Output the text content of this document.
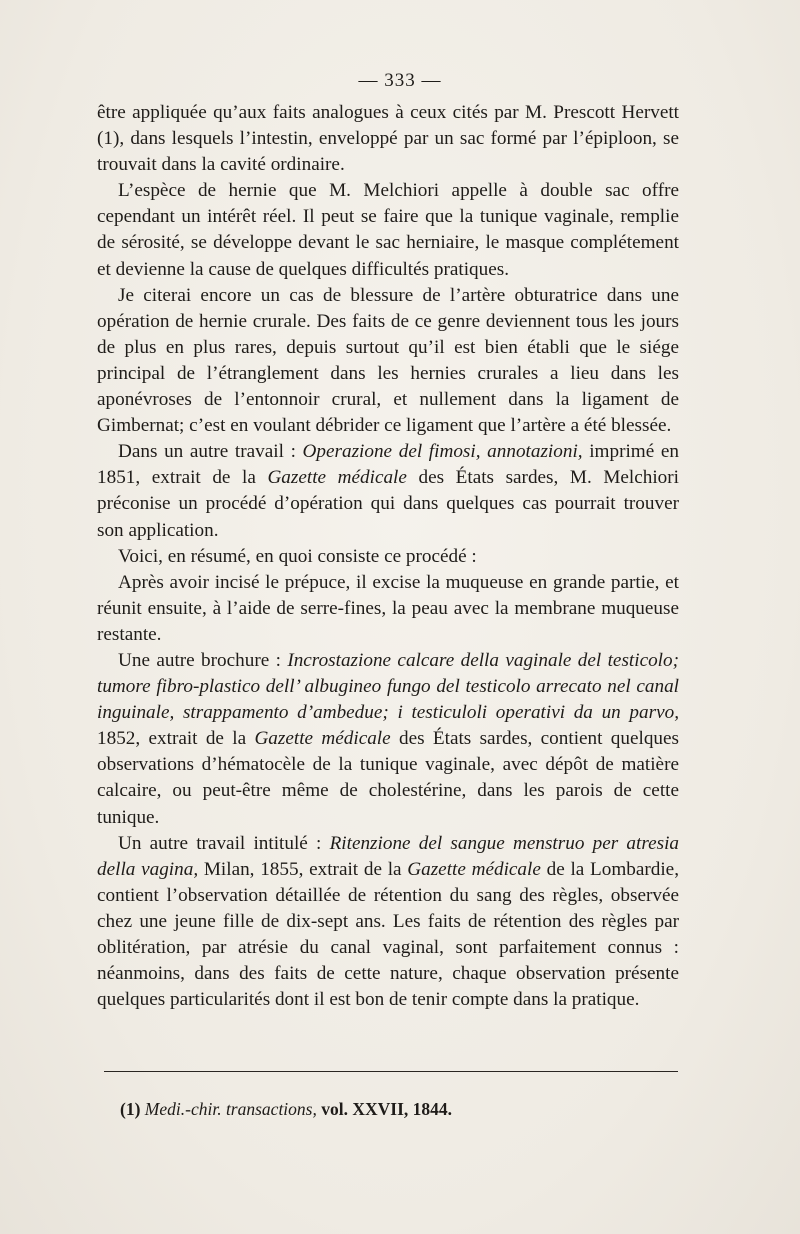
— 333 —

être appliquée qu’aux faits analogues à ceux cités par M. Prescott Hervett (1), dans lesquels l’intestin, enveloppé par un sac formé par l’épiploon, se trouvait dans la cavité ordinaire.

L’espèce de hernie que M. Melchiori appelle à double sac offre cependant un intérêt réel. Il peut se faire que la tunique vaginale, remplie de sérosité, se développe devant le sac herniaire, le masque complétement et devienne la cause de quelques difficultés pratiques.

Je citerai encore un cas de blessure de l’artère obturatrice dans une opération de hernie crurale. Des faits de ce genre deviennent tous les jours de plus en plus rares, depuis surtout qu’il est bien établi que le siége principal de l’étranglement dans les hernies crurales a lieu dans les aponévroses de l’entonnoir crural, et nullement dans la ligament de Gimbernat; c’est en voulant débrider ce ligament que l’artère a été blessée.

Dans un autre travail : Operazione del fimosi, annotazioni, imprimé en 1851, extrait de la Gazette médicale des États sardes, M. Melchiori préconise un procédé d’opération qui dans quelques cas pourrait trouver son application.

Voici, en résumé, en quoi consiste ce procédé :

Après avoir incisé le prépuce, il excise la muqueuse en grande partie, et réunit ensuite, à l’aide de serre-fines, la peau avec la membrane muqueuse restante.

Une autre brochure : Incrostazione calcare della vaginale del testicolo; tumore fibro-plastico dell’ albugineo fungo del testicolo arrecato nel canal inguinale, strappamento d’ambedue; i testiculoli operativi da un parvo, 1852, extrait de la Gazette médicale des États sardes, contient quelques observations d’hématocèle de la tunique vaginale, avec dépôt de matière calcaire, ou peut-être même de cholestérine, dans les parois de cette tunique.

Un autre travail intitulé : Ritenzione del sangue menstruo per atresia della vagina, Milan, 1855, extrait de la Gazette médicale de la Lombardie, contient l’observation détaillée de rétention du sang des règles, observée chez une jeune fille de dix-sept ans. Les faits de rétention des règles par oblitération, par atrésie du canal vaginal, sont parfaitement connus : néanmoins, dans des faits de cette nature, chaque observation présente quelques particularités dont il est bon de tenir compte dans la pratique.

(1) Medi.-chir. transactions, vol. XXVII, 1844.
